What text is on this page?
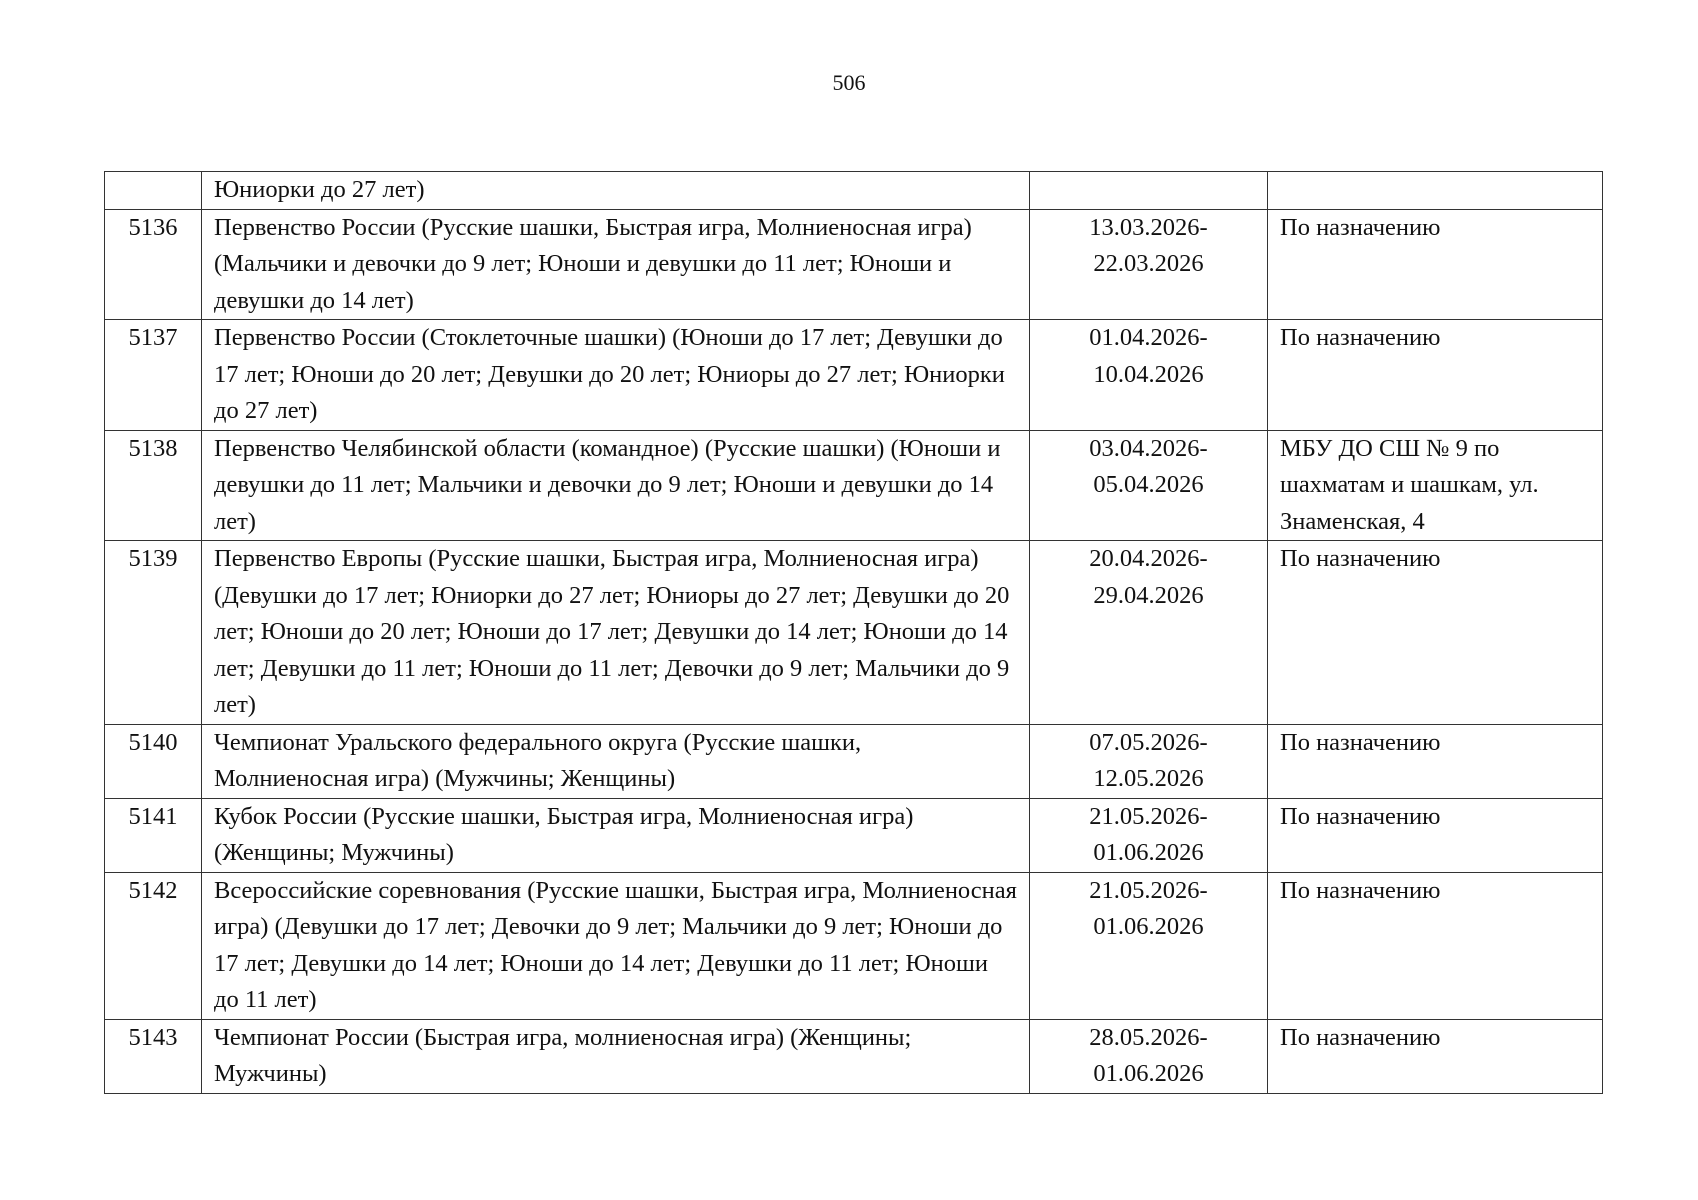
506
	Юниорки до 27 лет)		
5136	Первенство России (Русские шашки, Быстрая игра, Молниеносная игра) (Мальчики и девочки до 9 лет; Юноши и девушки до 11 лет; Юноши и девушки до 14 лет)	13.03.2026-22.03.2026	По назначению
5137	Первенство России (Стоклеточные шашки) (Юноши до 17 лет; Девушки до 17 лет; Юноши до 20 лет; Девушки до 20 лет; Юниоры до 27 лет; Юниорки до 27 лет)	01.04.2026-10.04.2026	По назначению
5138	Первенство Челябинской области (командное) (Русские шашки) (Юноши и девушки до 11 лет; Мальчики и девочки до 9 лет; Юноши и девушки до 14 лет)	03.04.2026-05.04.2026	МБУ ДО СШ № 9 по шахматам и шашкам, ул. Знаменская, 4
5139	Первенство Европы (Русские шашки, Быстрая игра, Молниеносная игра) (Девушки до 17 лет; Юниорки до 27 лет; Юниоры до 27 лет; Девушки до 20 лет; Юноши до 20 лет; Юноши до 17 лет; Девушки до 14 лет; Юноши до 14 лет; Девушки до 11 лет; Юноши до 11 лет; Девочки до 9 лет; Мальчики до 9 лет)	20.04.2026-29.04.2026	По назначению
5140	Чемпионат Уральского федерального округа (Русские шашки, Молниеносная игра) (Мужчины; Женщины)	07.05.2026-12.05.2026	По назначению
5141	Кубок России (Русские шашки, Быстрая игра, Молниеносная игра) (Женщины; Мужчины)	21.05.2026-01.06.2026	По назначению
5142	Всероссийские соревнования (Русские шашки, Быстрая игра, Молниеносная игра) (Девушки до 17 лет; Девочки до 9 лет; Мальчики до 9 лет; Юноши до 17 лет; Девушки до 14 лет; Юноши до 14 лет; Девушки до 11 лет; Юноши до 11 лет)	21.05.2026-01.06.2026	По назначению
5143	Чемпионат России (Быстрая игра, молниеносная игра) (Женщины; Мужчины)	28.05.2026-01.06.2026	По назначению
